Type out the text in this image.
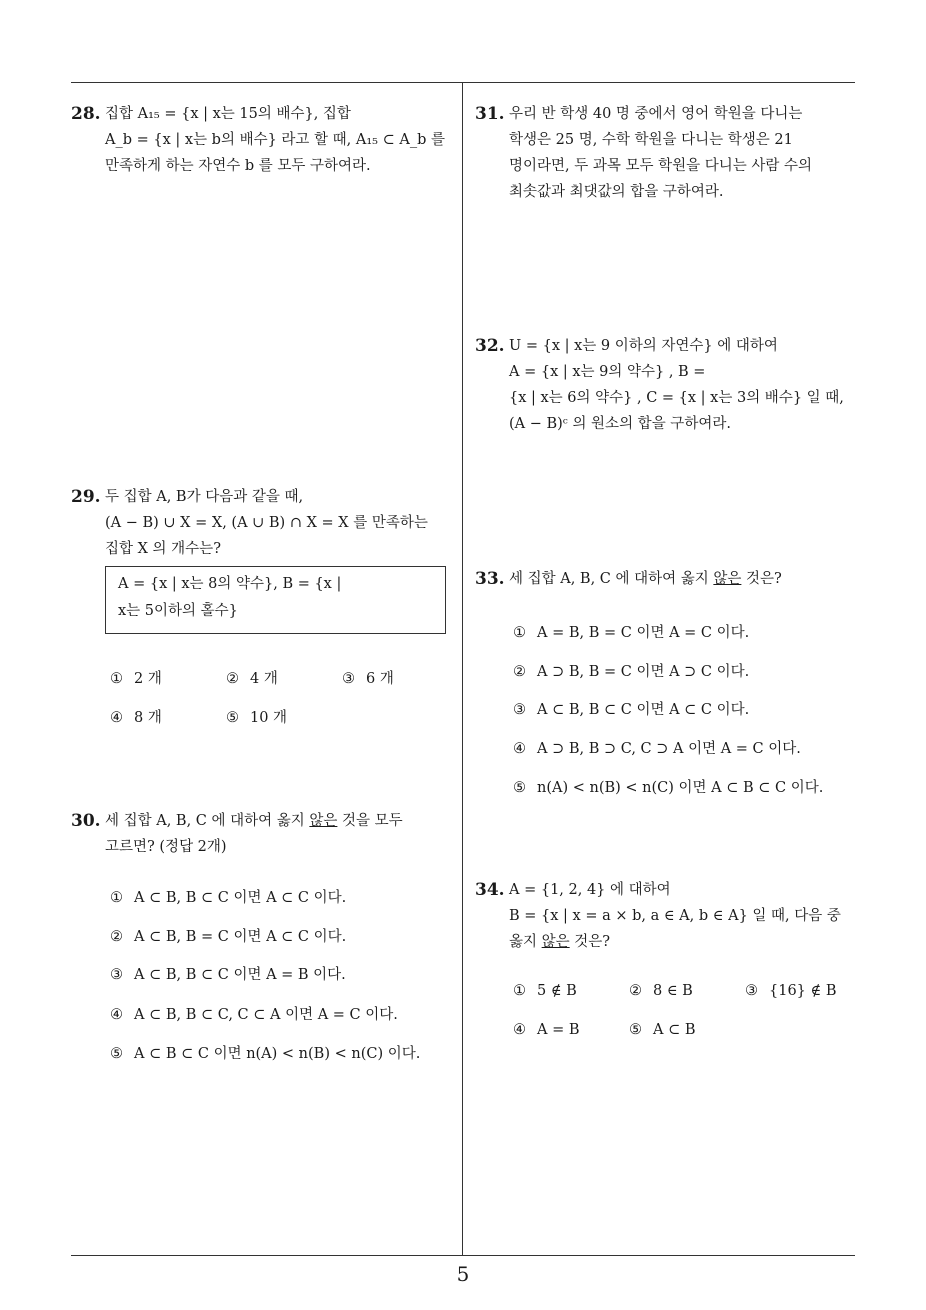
5
28. 집합 A₁₅ = {x | x는 15의 배수}, 집합
A_b = {x | x는 b의 배수} 라고 할 때, A₁₅ ⊂ A_b 를
만족하게 하는 자연수 b 를 모두 구하여라.
29. 두 집합 A, B가 다음과 같을 때,
(A − B) ∪ X = X, (A ∪ B) ∩ X = X 를 만족하는
집합 X 의 개수는?
A = {x | x는 8의 약수}, B = {x |
x는 5이하의 홀수}
① 2 개	② 4 개	③ 6 개
④ 8 개	⑤ 10 개
30. 세 집합 A, B, C 에 대하여 옳지 않은 것을 모두
고르면? (정답 2개)
① A ⊂ B, B ⊂ C 이면 A ⊂ C 이다.
② A ⊂ B, B = C 이면 A ⊂ C 이다.
③ A ⊂ B, B ⊂ C 이면 A = B 이다.
④ A ⊂ B, B ⊂ C, C ⊂ A 이면 A = C 이다.
⑤ A ⊂ B ⊂ C 이면 n(A) < n(B) < n(C) 이다.
31. 우리 반 학생 40 명 중에서 영어 학원을 다니는
학생은 25 명, 수학 학원을 다니는 학생은 21
명이라면, 두 과목 모두 학원을 다니는 사람 수의
최솟값과 최댓값의 합을 구하여라.
32. U = {x | x는 9 이하의 자연수} 에 대하여
A = {x | x는 9의 약수} , B =
{x | x는 6의 약수} , C = {x | x는 3의 배수} 일 때,
(A − B)ᶜ 의 원소의 합을 구하여라.
33. 세 집합 A, B, C 에 대하여 옳지 않은 것은?
① A = B, B = C 이면 A = C 이다.
② A ⊃ B, B = C 이면 A ⊃ C 이다.
③ A ⊂ B, B ⊂ C 이면 A ⊂ C 이다.
④ A ⊃ B, B ⊃ C, C ⊃ A 이면 A = C 이다.
⑤ n(A) < n(B) < n(C) 이면 A ⊂ B ⊂ C 이다.
34. A = {1, 2, 4} 에 대하여
B = {x | x = a × b, a ∈ A, b ∈ A} 일 때, 다음 중
옳지 않은 것은?
① 5 ∉ B	② 8 ∈ B	③ {16} ∉ B
④ A = B	⑤ A ⊂ B
